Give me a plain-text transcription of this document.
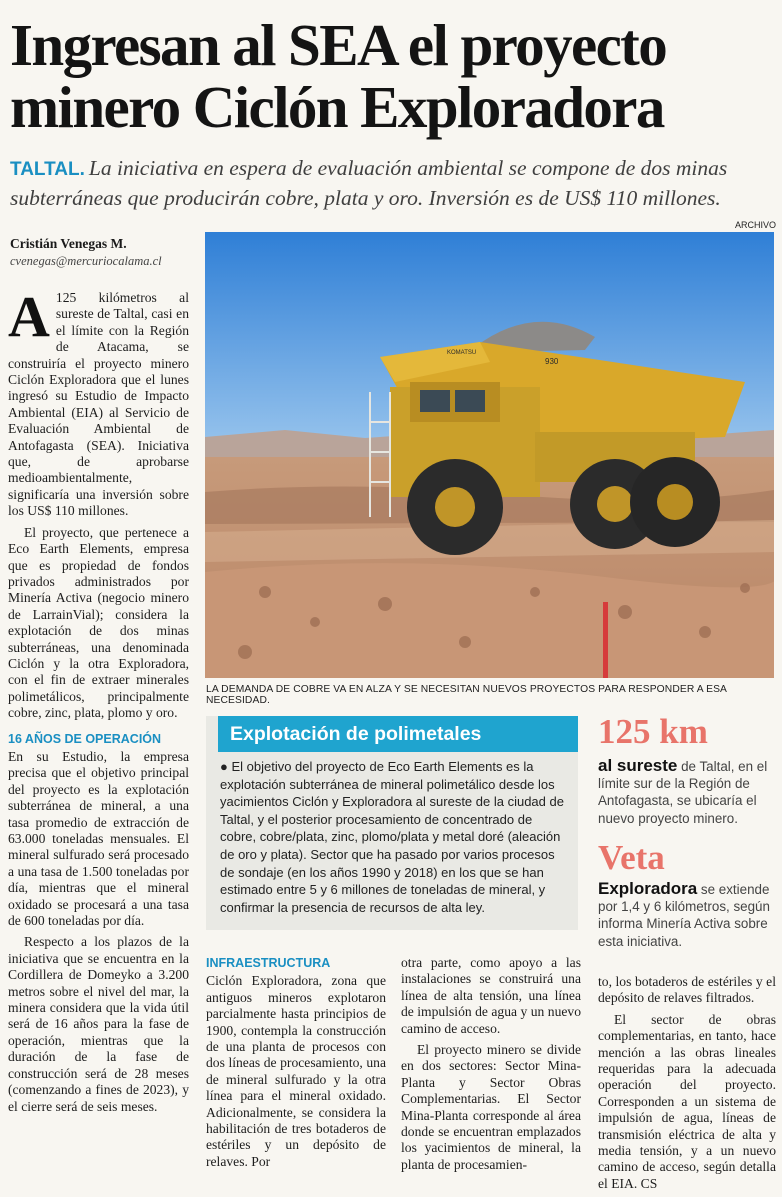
Ingresan al SEA el proyecto minero Ciclón Exploradora
TALTAL. La iniciativa en espera de evaluación ambiental se compone de dos minas subterráneas que producirán cobre, plata y oro. Inversión es de US$ 110 millones.
Cristián Venegas M.
cvenegas@mercuriocalama.cl

A 125 kilómetros al sureste de Taltal, casi en el límite con la Región de Atacama, se construiría el proyecto minero Ciclón Exploradora que el lunes ingresó su Estudio de Impacto Ambiental (EIA) al Servicio de Evaluación Ambiental de Antofagasta (SEA). Iniciativa que, de aprobarse medioambientalmente, significaría una inversión sobre los US$ 110 millones.

El proyecto, que pertenece a Eco Earth Elements, empresa que es propiedad de fondos privados administrados por Minería Activa (negocio minero de LarrainVial); considera la explotación de dos minas subterráneas, una denominada Ciclón y la otra Exploradora, con el fin de extraer minerales polimetálicos, principalmente cobre, zinc, plata, plomo y oro.

16 AÑOS DE OPERACIÓN

En su Estudio, la empresa precisa que el objetivo principal del proyecto es la explotación subterránea de mineral, a una tasa promedio de extracción de 63.000 toneladas mensuales. El mineral sulfurado será procesado a una tasa de 1.500 toneladas por día, mientras que el mineral oxidado se procesará a una tasa de 600 toneladas por día.

Respecto a los plazos de la iniciativa que se encuentra en la Cordillera de Domeyko a 3.200 metros sobre el nivel del mar, la minera considera que la vida útil será de 16 años para la fase de operación, mientras que la duración de la fase de construcción será de 28 meses (comenzando a fines de 2023), y el cierre será de seis meses.

ARCHIVO
930
KOMATSU
LA DEMANDA DE COBRE VA EN ALZA Y SE NECESITAN NUEVOS PROYECTOS PARA RESPONDER A ESA NECESIDAD.
Explotación de polimetales
● El objetivo del proyecto de Eco Earth Elements es la explotación subterránea de mineral polimetálico desde los yacimientos Ciclón y Exploradora al sureste de la ciudad de Taltal, y el posterior procesamiento de concentrado de cobre, cobre/plata, zinc, plomo/plata y metal doré (aleación de oro y plata). Sector que ha pasado por varios procesos de sondaje (en los años 1990 y 2018) en los que se han estimado entre 5 y 6 millones de toneladas de mineral, y confirmar la presencia de recursos de alta ley.
125 km
al sureste de Taltal, en el límite sur de la Región de Antofagasta, se ubicaría el nuevo proyecto minero.
Veta
Exploradora se extiende por 1,4 y 6 kilómetros, según informa Minería Activa sobre esta iniciativa.
INFRAESTRUCTURA

Ciclón Exploradora, zona que antiguos mineros explotaron parcialmente hasta principios de 1900, contempla la construcción de una planta de procesos con dos líneas de procesamiento, una de mineral sulfurado y la otra línea para el mineral oxidado. Adicionalmente, se considera la habilitación de tres botaderos de estériles y un depósito de relaves. Por

otra parte, como apoyo a las instalaciones se construirá una línea de alta tensión, una línea de impulsión de agua y un nuevo camino de acceso.

El proyecto minero se divide en dos sectores: Sector Mina-Planta y Sector Obras Complementarias. El Sector Mina-Planta corresponde al área donde se encuentran emplazados los yacimientos de mineral, la planta de procesamien-

to, los botaderos de estériles y el depósito de relaves filtrados.

El sector de obras complementarias, en tanto, hace mención a las obras lineales requeridas para la adecuada operación del proyecto. Corresponden a un sistema de impulsión de agua, líneas de transmisión eléctrica de alta y media tensión, y a un nuevo camino de acceso, según detalla el EIA. CS
